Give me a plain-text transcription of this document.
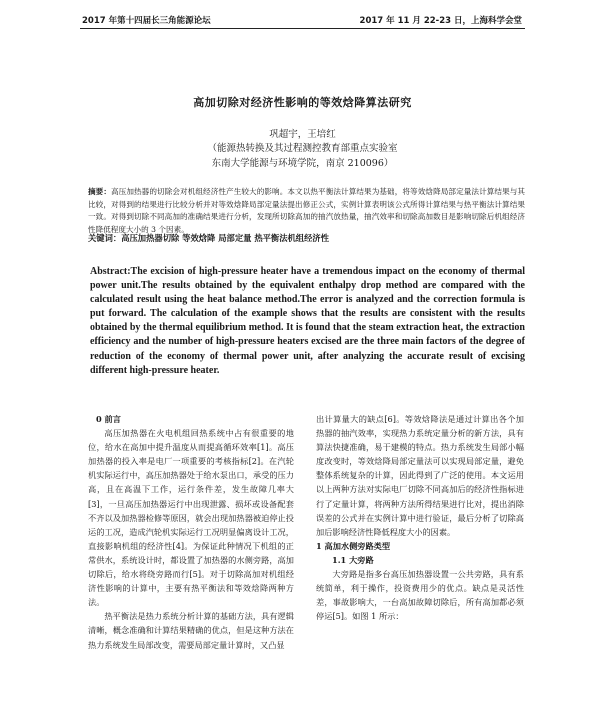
2017 年第十四届长三角能源论坛	2017 年 11 月 22-23 日，上海科学会堂
高加切除对经济性影响的等效焓降算法研究
巩超宇，王培红
（能源热转换及其过程测控教育部重点实验室
东南大学能源与环境学院，南京 210096）
摘要：高压加热器的切除会对机组经济性产生较大的影响。本文以热平衡法计算结果为基础，将等效焓降局部定量法计算结果与其比较，对得到的结果进行比较分析并对等效焓降局部定量法提出修正公式，实例计算表明该公式所得计算结果与热平衡法计算结果一致。对得到切除不同高加的准确结果进行分析，发现所切除高加的抽汽放热量，抽汽效率和切除高加数目是影响切除后机组经济性降低程度大小的 3 个因素。
关键词：高压加热器切除 等效焓降 局部定量 热平衡法机组经济性
Abstract:The excision of high-pressure heater have a tremendous impact on the economy of thermal power unit.The results obtained by the equivalent enthalpy drop method are compared with the calculated result using the heat balance method.The error is analyzed and the correction formula is put forward. The calculation of the example shows that the results are consistent with the results obtained by the thermal equilibrium method. It is found that the steam extraction heat, the extraction efficiency and the number of high-pressure heaters excised are the three main factors of the degree of reduction of the economy of thermal power unit, after analyzing the accurate result of excising different high-pressure heater.

0 前言

高压加热器在火电机组回热系统中占有很重要的地位，给水在高加中提升温度从而提高循环效率[1]。高压加热器的投入率是电厂一项重要的考核指标[2]。在汽轮机实际运行中，高压加热器处于给水泵出口，承受的压力高，且在高温下工作，运行条件差，发生故障几率大[3]，一旦高压加热器运行中出现泄露、损坏或设备配套不齐以及加热器检修等原因，就会出现加热器被迫停止投运的工况，造成汽轮机实际运行工况明显偏离设计工况，直接影响机组的经济性[4]。为保证此种情况下机组的正常供水，系统设计时，都设置了加热器的水侧旁路，高加切除后，给水将绕旁路而行[5]。对于切除高加对机组经济性影响的计算中，主要有热平衡法和等效焓降两种方法。

热平衡法是热力系统分析计算的基础方法，具有逻辑清晰，概念准确和计算结果精确的优点，但是这种方法在热力系统发生局部改变，需要局部定量计算时，又凸显

出计算量大的缺点[6]。等效焓降法是通过计算出各个加热器的抽汽效率，实现热力系统定量分析的新方法，具有算法快捷准确，易于建模的特点。热力系统发生局部小幅度改变时，等效焓降局部定量法可以实现局部定量，避免整体系统复杂的计算，因此得到了广泛的使用。本文运用以上两种方法对实际电厂切除不同高加后的经济性指标进行了定量计算，将两种方法所得结果进行比对，提出消除误差的公式并在实例计算中进行验证，最后分析了切除高加后影响经济性降低程度大小的因素。

1 高加水侧旁路类型

1.1 大旁路

大旁路是指多台高压加热器设置一公共旁路，具有系统简单，利于操作，投资费用少的优点。缺点是灵活性差，事故影响大，一台高加故障切除后，所有高加都必须停运[5]。如图 1 所示：
